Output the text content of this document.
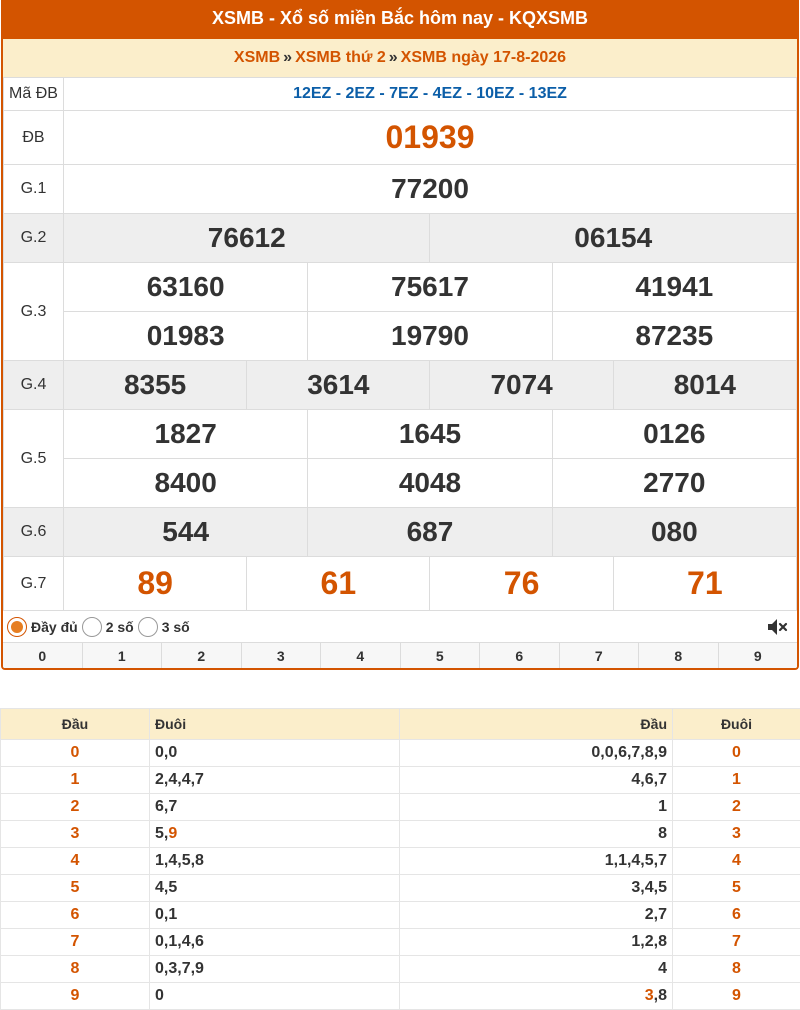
XSMB - Xổ số miền Bắc hôm nay - KQXSMB
XSMB » XSMB thứ 2 » XSMB ngày 17-8-2026
Mã ĐB	12EZ - 2EZ - 7EZ - 4EZ - 10EZ - 13EZ					
ĐB	01939					
G.1	77200					
G.2	76612			06154		
G.3	63160		75617		41941	
	01983		19790		87235	
G.4	8355	3614		7074		8014
G.5	1827		1645		0126	
	8400		4048		2770	
G.6	544		687		080	
G.7	89	61		76		71
Đầy đủ 2 số 3 số
0	1	2	3	4	5	6	7	8	9
Đầu	Đuôi	Đầu	Đuôi
0	0,0	0,0,6,7,8,9	0
1	2,4,4,7	4,6,7	1
2	6,7	1	2
3	5,9	8	3
4	1,4,5,8	1,1,4,5,7	4
5	4,5	3,4,5	5
6	0,1	2,7	6
7	0,1,4,6	1,2,8	7
8	0,3,7,9	4	8
9	0	3,8	9
